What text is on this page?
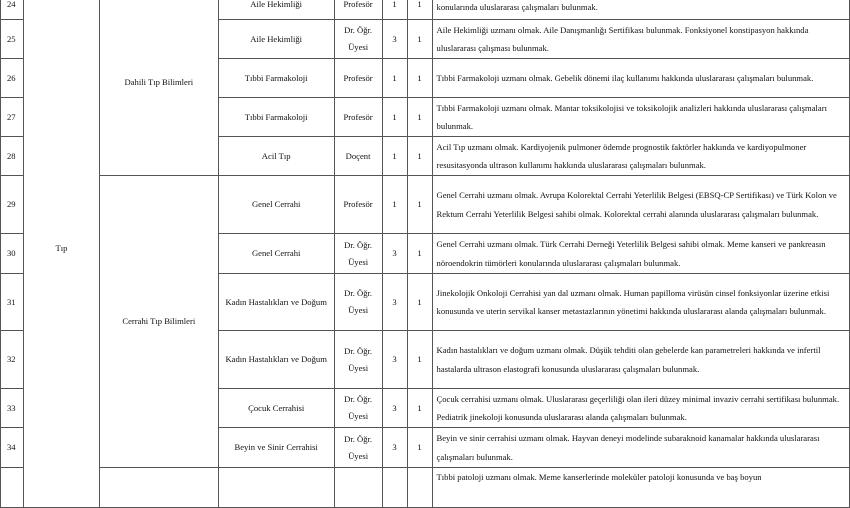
24	Tıp	Dahili Tıp Bilimleri	Aile Hekimliği	Profesör	1	1	konularında uluslararası çalışmaları bulunmak.
25			Aile Hekimliği	Dr. Öğr. Üyesi	3	1	Aile Hekimliği uzmanı olmak. Aile Danışmanlığı Sertifikası bulunmak. Fonksiyonel konstipasyon hakkında uluslararası çalışması bulunmak.
26			Tıbbi Farmakoloji	Profesör	1	1	Tıbbi Farmakoloji uzmanı olmak. Gebelik dönemi ilaç kullanımı hakkında uluslararası çalışmaları bulunmak.
27			Tıbbi Farmakoloji	Profesör	1	1	Tıbbi Farmakoloji uzmanı olmak. Mantar toksikolojisi ve toksikolojik analizleri hakkında uluslararası çalışmaları bulunmak.
28			Acil Tıp	Doçent	1	1	Acil Tıp uzmanı olmak. Kardiyojenik pulmoner ödemde prognostik faktörler hakkında ve kardiyopulmoner resusitasyonda ultrason kullanımı hakkında uluslararası çalışmaları bulunmak.
29		Cerrahi Tıp Bilimleri	Genel Cerrahi	Profesör	1	1	Genel Cerrahi uzmanı olmak. Avrupa Kolorektal Cerrahi Yeterlilik Belgesi (EBSQ-CP Sertifikası) ve Türk Kolon ve Rektum Cerrahi Yeterlilik Belgesi sahibi olmak. Kolorektal cerrahi alanında uluslararası çalışmaları bulunmak.
30			Genel Cerrahi	Dr. Öğr. Üyesi	3	1	Genel Cerrahi uzmanı olmak. Türk Cerrahi Derneği Yeterlilik Belgesi sahibi olmak. Meme kanseri ve pankreasın nöroendokrin tümörleri konularında uluslararası çalışmaları bulunmak.
31			Kadın Hastalıkları ve Doğum	Dr. Öğr. Üyesi	3	1	Jinekolojik Onkoloji Cerrahisi yan dal uzmanı olmak. Human papilloma virüsün cinsel fonksiyonlar üzerine etkisi konusunda ve uterin servikal kanser metastazlarının yönetimi hakkında uluslararası alanda çalışmaları bulunmak.
32			Kadın Hastalıkları ve Doğum	Dr. Öğr. Üyesi	3	1	Kadın hastalıkları ve doğum uzmanı olmak. Düşük tehditi olan gebelerde kan parametreleri hakkında ve infertil hastalarda ultrason elastografi konusunda uluslararası çalışmaları bulunmak.
33			Çocuk Cerrahisi	Dr. Öğr. Üyesi	3	1	Çocuk cerrahisi uzmanı olmak. Uluslararası geçerliliği olan ileri düzey minimal invaziv cerrahi sertifikası bulunmak. Pediatrik jinekoloji konusunda uluslararası alanda çalışmaları bulunmak.
34			Beyin ve Sinir Cerrahisi	Dr. Öğr. Üyesi	3	1	Beyin ve sinir cerrahisi uzmanı olmak. Hayvan deneyi modelinde subaraknoid kanamalar hakkında uluslararası çalışmaları bulunmak.
							Tıbbi patoloji uzmanı olmak. Meme kanserlerinde moleküler patoloji konusunda ve baş boyun
